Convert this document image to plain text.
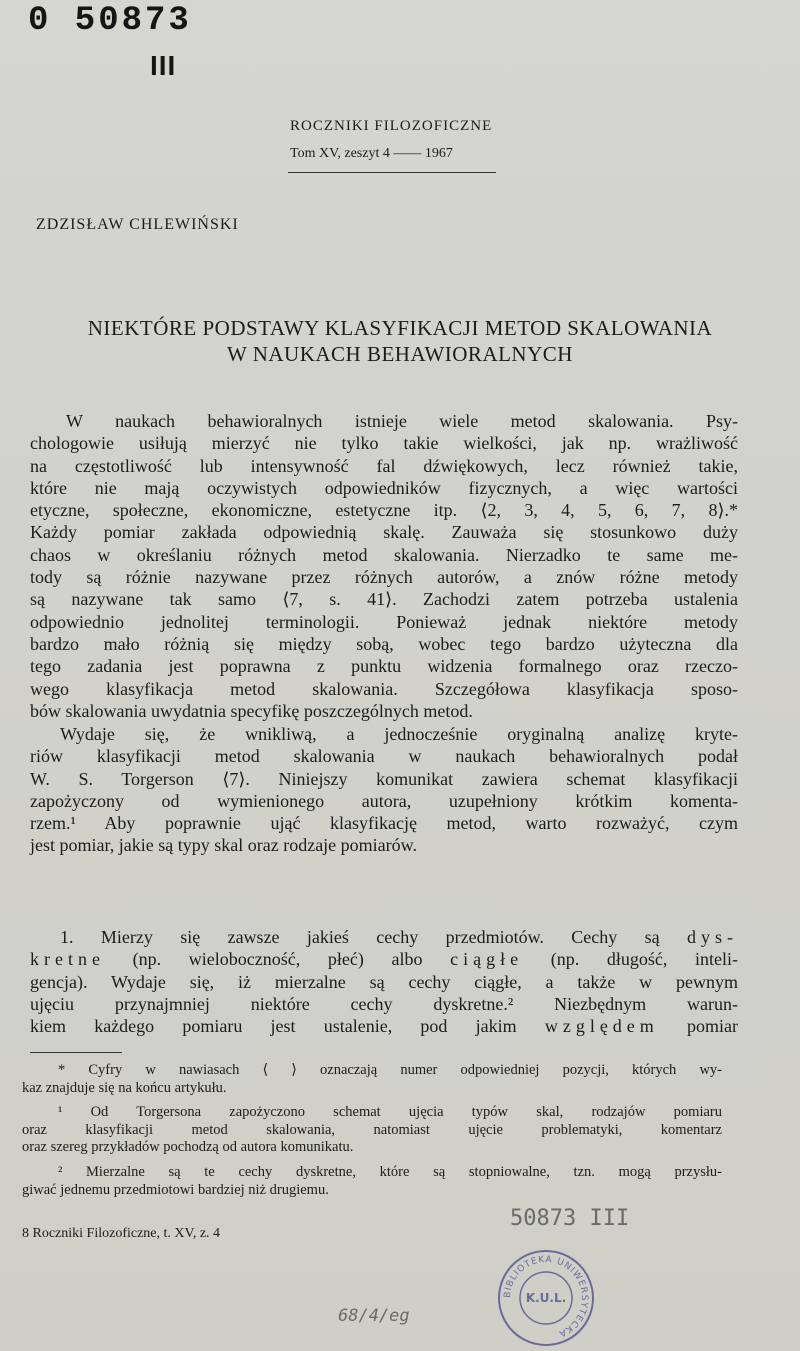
0 50873
III
ROCZNIKI FILOZOFICZNE
Tom XV, zeszyt 4 —— 1967
ZDZISŁAW CHLEWIŃSKI
NIEKTÓRE PODSTAWY KLASYFIKACJI METOD SKALOWANIA
W NAUKACH BEHAWIORALNYCH
W naukach behawioralnych istnieje wiele metod skalowania. Psy-
chologowie usiłują mierzyć nie tylko takie wielkości, jak np. wrażliwość
na częstotliwość lub intensywność fal dźwiękowych, lecz również takie,
które nie mają oczywistych odpowiedników fizycznych, a więc wartości
etyczne, społeczne, ekonomiczne, estetyczne itp. ⟨2, 3, 4, 5, 6, 7, 8⟩.*
Każdy pomiar zakłada odpowiednią skalę. Zauważa się stosunkowo duży
chaos w określaniu różnych metod skalowania. Nierzadko te same me-
tody są różnie nazywane przez różnych autorów, a znów różne metody
są nazywane tak samo ⟨7, s. 41⟩. Zachodzi zatem potrzeba ustalenia
odpowiednio jednolitej terminologii. Ponieważ jednak niektóre metody
bardzo mało różnią się między sobą, wobec tego bardzo użyteczna dla
tego zadania jest poprawna z punktu widzenia formalnego oraz rzeczo-
wego klasyfikacja metod skalowania. Szczegółowa klasyfikacja sposo-
bów skalowania uwydatnia specyfikę poszczególnych metod.
Wydaje się, że wnikliwą, a jednocześnie oryginalną analizę kryte-
riów klasyfikacji metod skalowania w naukach behawioralnych podał
W. S. Torgerson ⟨7⟩. Niniejszy komunikat zawiera schemat klasyfikacji
zapożyczony od wymienionego autora, uzupełniony krótkim komenta-
rzem.¹ Aby poprawnie ująć klasyfikację metod, warto rozważyć, czym
jest pomiar, jakie są typy skal oraz rodzaje pomiarów.
1. Mierzy się zawsze jakieś cechy przedmiotów. Cechy są dys-
kretne (np. wieloboczność, płeć) albo ciągłe (np. długość, inteli-
gencja). Wydaje się, iż mierzalne są cechy ciągłe, a także w pewnym
ujęciu przynajmniej niektóre cechy dyskretne.² Niezbędnym warun-
kiem każdego pomiaru jest ustalenie, pod jakim względem pomiar
* Cyfry w nawiasach ⟨ ⟩ oznaczają numer odpowiedniej pozycji, których wy-
kaz znajduje się na końcu artykułu.
¹ Od Torgersona zapożyczono schemat ujęcia typów skal, rodzajów pomiaru
oraz klasyfikacji metod skalowania, natomiast ujęcie problematyki, komentarz
oraz szereg przykładów pochodzą od autora komunikatu.
² Mierzalne są te cechy dyskretne, które są stopniowalne, tzn. mogą przysłu-
giwać jednemu przedmiotowi bardziej niż drugiemu.
8 Roczniki Filozoficzne, t. XV, z. 4
50873 III
68/4/eg
BIBLIOTEKA UNIWERSYTECKA
K.U.L.
